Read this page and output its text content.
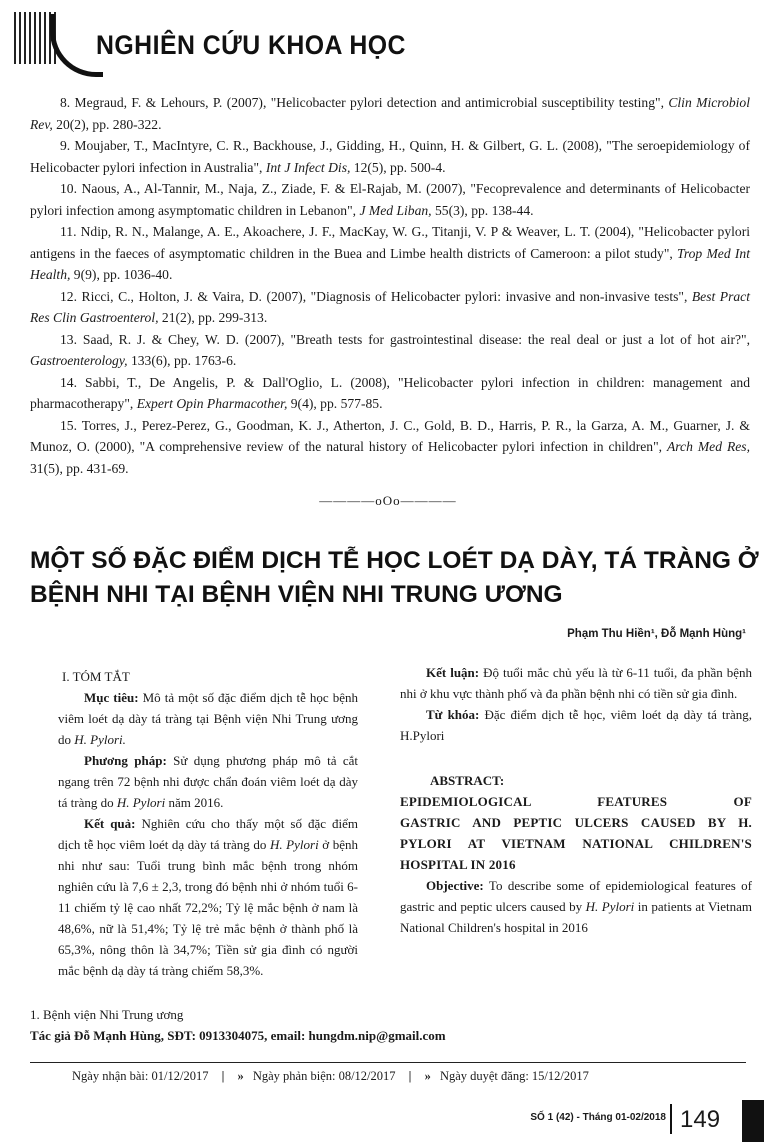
NGHIÊN CỨU KHOA HỌC

8. Megraud, F. & Lehours, P. (2007), "Helicobacter pylori detection and antimicrobial susceptibility testing", Clin Microbiol Rev, 20(2), pp. 280-322.

9. Moujaber, T., MacIntyre, C. R., Backhouse, J., Gidding, H., Quinn, H. & Gilbert, G. L. (2008), "The seroepidemiology of Helicobacter pylori infection in Australia", Int J Infect Dis, 12(5), pp. 500-4.

10. Naous, A., Al-Tannir, M., Naja, Z., Ziade, F. & El-Rajab, M. (2007), "Fecoprevalence and determinants of Helicobacter pylori infection among asymptomatic children in Lebanon", J Med Liban, 55(3), pp. 138-44.

11. Ndip, R. N., Malange, A. E., Akoachere, J. F., MacKay, W. G., Titanji, V. P & Weaver, L. T. (2004), "Helicobacter pylori antigens in the faeces of asymptomatic children in the Buea and Limbe health districts of Cameroon: a pilot study", Trop Med Int Health, 9(9), pp. 1036-40.

12. Ricci, C., Holton, J. & Vaira, D. (2007), "Diagnosis of Helicobacter pylori: invasive and non-invasive tests", Best Pract Res Clin Gastroenterol, 21(2), pp. 299-313.

13. Saad, R. J. & Chey, W. D. (2007), "Breath tests for gastrointestinal disease: the real deal or just a lot of hot air?", Gastroenterology, 133(6), pp. 1763-6.

14. Sabbi, T., De Angelis, P. & Dall'Oglio, L. (2008), "Helicobacter pylori infection in children: management and pharmacotherapy", Expert Opin Pharmacother, 9(4), pp. 577-85.

15. Torres, J., Perez-Perez, G., Goodman, K. J., Atherton, J. C., Gold, B. D., Harris, P. R., la Garza, A. M., Guarner, J. & Munoz, O. (2000), "A comprehensive review of the natural history of Helicobacter pylori infection in children", Arch Med Res, 31(5), pp. 431-69.

————oOo————
MỘT SỐ ĐẶC ĐIỂM DỊCH TỄ HỌC LOÉT DẠ DÀY, TÁ TRÀNG Ở BỆNH NHI TẠI BỆNH VIỆN NHI TRUNG ƯƠNG
Phạm Thu Hiền¹, Đỗ Mạnh Hùng¹

I. TÓM TẮT

Mục tiêu: Mô tả một số đặc điểm dịch tễ học bệnh viêm loét dạ dày tá tràng tại Bệnh viện Nhi Trung ương do H. Pylori.

Phương pháp: Sử dụng phương pháp mô tả cắt ngang trên 72 bệnh nhi được chẩn đoán viêm loét dạ dày tá tràng do H. Pylori năm 2016.

Kết quả: Nghiên cứu cho thấy một số đặc điểm dịch tễ học viêm loét dạ dày tá tràng do H. Pylori ở bệnh nhi như sau: Tuổi trung bình mắc bệnh trong nhóm nghiên cứu là 7,6 ± 2,3, trong đó bệnh nhi ở nhóm tuổi 6-11 chiếm tỷ lệ cao nhất 72,2%; Tỷ lệ mắc bệnh ở nam là 48,6%, nữ là 51,4%; Tỷ lệ trẻ mắc bệnh ở thành phố là 65,3%, nông thôn là 34,7%; Tiền sử gia đình có người mắc bệnh dạ dày tá tràng chiếm 58,3%.

Kết luận: Độ tuổi mắc chủ yếu là từ 6-11 tuổi, đa phần bệnh nhi ở khu vực thành phố và đa phần bệnh nhi có tiền sử gia đình.

Từ khóa: Đặc điểm dịch tễ học, viêm loét dạ dày tá tràng, H.Pylori

ABSTRACT:

EPIDEMIOLOGICAL FEATURES OF
GASTRIC AND PEPTIC ULCERS CAUSED BY H.
PYLORI AT VIETNAM NATIONAL CHILDREN'S
HOSPITAL IN 2016

Objective: To describe some of epidemiological features of gastric and peptic ulcers caused by H. Pylori in patients at Vietnam National Children's hospital in 2016

1. Bệnh viện Nhi Trung ương
Tác giả Đỗ Mạnh Hùng, SĐT: 0913304075, email: hungdm.nip@gmail.com
Ngày nhận bài: 01/12/2017 | » Ngày phản biện: 08/12/2017 | » Ngày duyệt đăng: 15/12/2017
SỐ 1 (42) - Tháng 01-02/2018 149
